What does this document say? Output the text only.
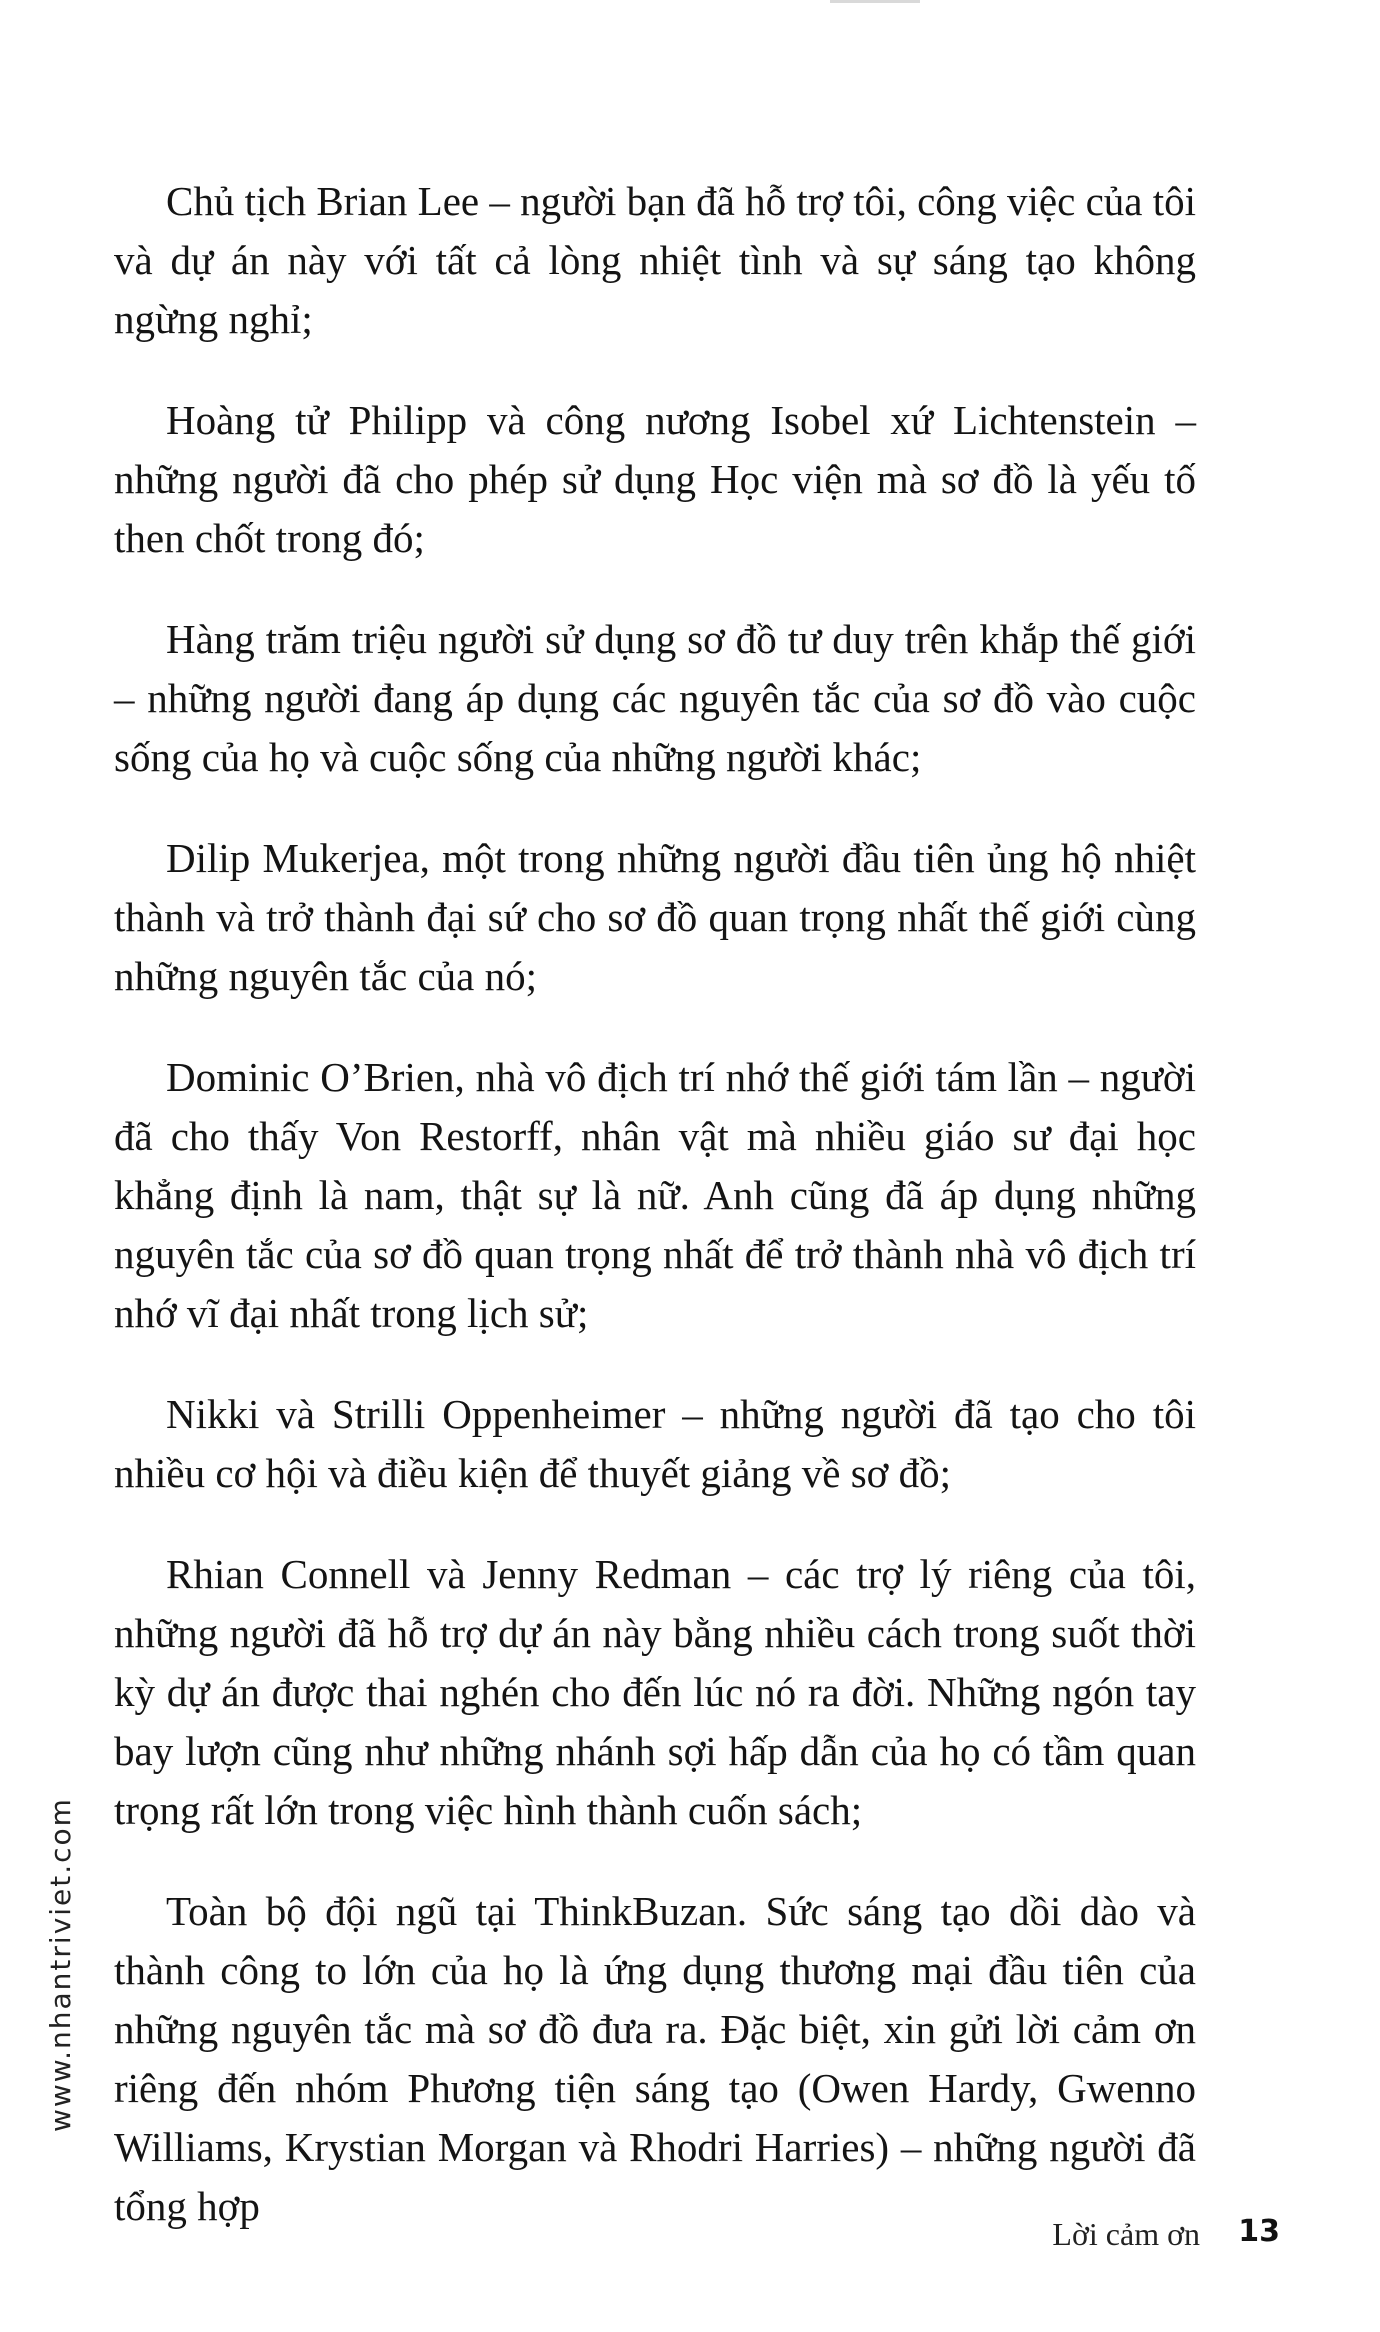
Chủ tịch Brian Lee – người bạn đã hỗ trợ tôi, công việc của tôi và dự án này với tất cả lòng nhiệt tình và sự sáng tạo không ngừng nghỉ;

Hoàng tử Philipp và công nương Isobel xứ Lichtenstein – những người đã cho phép sử dụng Học viện mà sơ đồ là yếu tố then chốt trong đó;

Hàng trăm triệu người sử dụng sơ đồ tư duy trên khắp thế giới – những người đang áp dụng các nguyên tắc của sơ đồ vào cuộc sống của họ và cuộc sống của những người khác;

Dilip Mukerjea, một trong những người đầu tiên ủng hộ nhiệt thành và trở thành đại sứ cho sơ đồ quan trọng nhất thế giới cùng những nguyên tắc của nó;

Dominic O’Brien, nhà vô địch trí nhớ thế giới tám lần – người đã cho thấy Von Restorff, nhân vật mà nhiều giáo sư đại học khẳng định là nam, thật sự là nữ. Anh cũng đã áp dụng những nguyên tắc của sơ đồ quan trọng nhất để trở thành nhà vô địch trí nhớ vĩ đại nhất trong lịch sử;

Nikki và Strilli Oppenheimer – những người đã tạo cho tôi nhiều cơ hội và điều kiện để thuyết giảng về sơ đồ;

Rhian Connell và Jenny Redman – các trợ lý riêng của tôi, những người đã hỗ trợ dự án này bằng nhiều cách trong suốt thời kỳ dự án được thai nghén cho đến lúc nó ra đời. Những ngón tay bay lượn cũng như những nhánh sợi hấp dẫn của họ có tầm quan trọng rất lớn trong việc hình thành cuốn sách;

Toàn bộ đội ngũ tại ThinkBuzan. Sức sáng tạo dồi dào và thành công to lớn của họ là ứng dụng thương mại đầu tiên của những nguyên tắc mà sơ đồ đưa ra. Đặc biệt, xin gửi lời cảm ơn riêng đến nhóm Phương tiện sáng tạo (Owen Hardy, Gwenno Williams, Krystian Morgan và Rhodri Harries) – những người đã tổng hợp

www.nhantriviet.com
Lời cảm ơn 13
